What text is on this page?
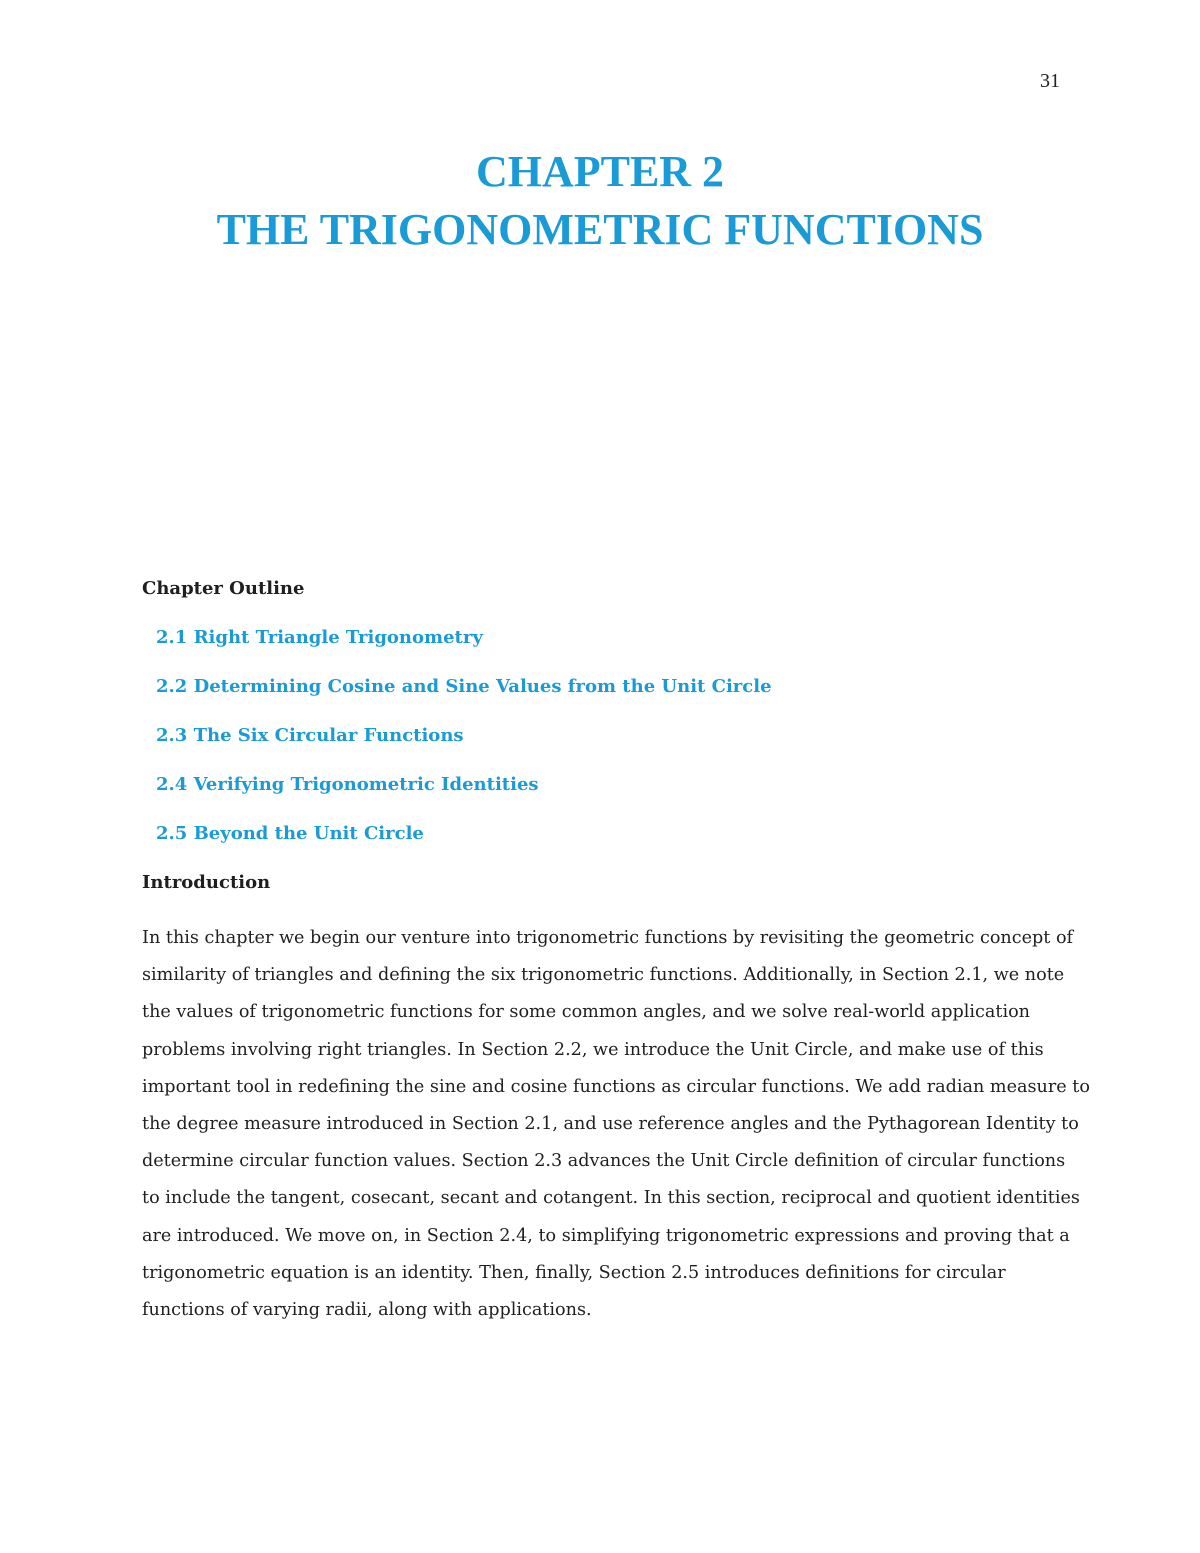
31
CHAPTER 2
THE TRIGONOMETRIC FUNCTIONS
Chapter Outline
2.1 Right Triangle Trigonometry
2.2 Determining Cosine and Sine Values from the Unit Circle
2.3 The Six Circular Functions
2.4 Verifying Trigonometric Identities
2.5 Beyond the Unit Circle
Introduction

In this chapter we begin our venture into trigonometric functions by revisiting the geometric concept of
similarity of triangles and defining the six trigonometric functions. Additionally, in Section 2.1, we note
the values of trigonometric functions for some common angles, and we solve real-world application
problems involving right triangles. In Section 2.2, we introduce the Unit Circle, and make use of this
important tool in redefining the sine and cosine functions as circular functions. We add radian measure to
the degree measure introduced in Section 2.1, and use reference angles and the Pythagorean Identity to
determine circular function values. Section 2.3 advances the Unit Circle definition of circular functions
to include the tangent, cosecant, secant and cotangent. In this section, reciprocal and quotient identities
are introduced. We move on, in Section 2.4, to simplifying trigonometric expressions and proving that a
trigonometric equation is an identity. Then, finally, Section 2.5 introduces definitions for circular
functions of varying radii, along with applications.
